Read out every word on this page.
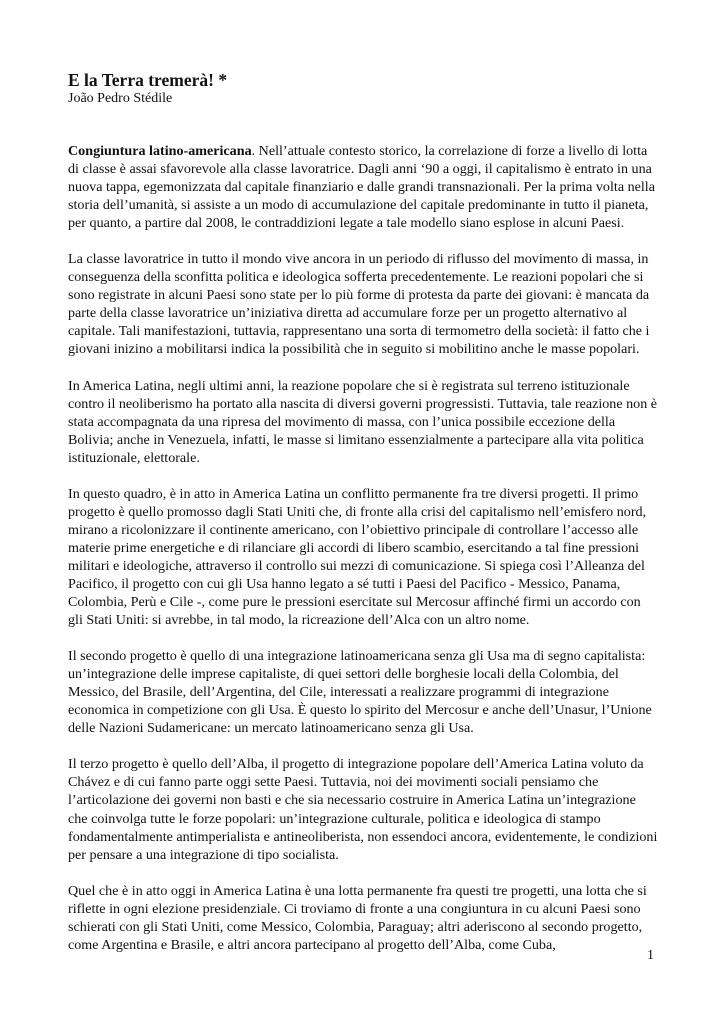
E la Terra tremerà! *
João Pedro Stédile

Congiuntura latino-americana. Nell’attuale contesto storico, la correlazione di forze a livello di lotta di classe è assai sfavorevole alla classe lavoratrice. Dagli anni ‘90 a oggi, il capitalismo è entrato in una nuova tappa, egemonizzata dal capitale finanziario e dalle grandi transnazionali. Per la prima volta nella storia dell’umanità, si assiste a un modo di accumulazione del capitale predominante in tutto il pianeta, per quanto, a partire dal 2008, le contraddizioni legate a tale modello siano esplose in alcuni Paesi.

La classe lavoratrice in tutto il mondo vive ancora in un periodo di riflusso del movimento di massa, in conseguenza della sconfitta politica e ideologica sofferta precedentemente. Le reazioni popolari che si sono registrate in alcuni Paesi sono state per lo più forme di protesta da parte dei giovani: è mancata da parte della classe lavoratrice un’iniziativa diretta ad accumulare forze per un progetto alternativo al capitale. Tali manifestazioni, tuttavia, rappresentano una sorta di termometro della società: il fatto che i giovani inizino a mobilitarsi indica la possibilità che in seguito si mobilitino anche le masse popolari.

In America Latina, negli ultimi anni, la reazione popolare che si è registrata sul terreno istituzionale contro il neoliberismo ha portato alla nascita di diversi governi progressisti. Tuttavia, tale reazione non è stata accompagnata da una ripresa del movimento di massa, con l’unica possibile eccezione della Bolivia; anche in Venezuela, infatti, le masse si limitano essenzialmente a partecipare alla vita politica istituzionale, elettorale.

In questo quadro, è in atto in America Latina un conflitto permanente fra tre diversi progetti. Il primo progetto è quello promosso dagli Stati Uniti che, di fronte alla crisi del capitalismo nell’emisfero nord, mirano a ricolonizzare il continente americano, con l’obiettivo principale di controllare l’accesso alle materie prime energetiche e di rilanciare gli accordi di libero scambio, esercitando a tal fine pressioni militari e ideologiche, attraverso il controllo sui mezzi di comunicazione. Si spiega così l’Alleanza del Pacifico, il progetto con cui gli Usa hanno legato a sé tutti i Paesi del Pacifico - Messico, Panama, Colombia, Perù e Cile -, come pure le pressioni esercitate sul Mercosur affinché firmi un accordo con gli Stati Uniti: si avrebbe, in tal modo, la ricreazione dell’Alca con un altro nome.

Il secondo progetto è quello di una integrazione latinoamericana senza gli Usa ma di segno capitalista: un’integrazione delle imprese capitaliste, di quei settori delle borghesie locali della Colombia, del Messico, del Brasile, dell’Argentina, del Cile, interessati a realizzare programmi di integrazione economica in competizione con gli Usa. È questo lo spirito del Mercosur e anche dell’Unasur, l’Unione delle Nazioni Sudamericane: un mercato latinoamericano senza gli Usa.

Il terzo progetto è quello dell’Alba, il progetto di integrazione popolare dell’America Latina voluto da Chávez e di cui fanno parte oggi sette Paesi. Tuttavia, noi dei movimenti sociali pensiamo che l’articolazione dei governi non basti e che sia necessario costruire in America Latina un’integrazione che coinvolga tutte le forze popolari: un’integrazione culturale, politica e ideologica di stampo fondamentalmente antimperialista e antineoliberista, non essendoci ancora, evidentemente, le condizioni per pensare a una integrazione di tipo socialista.

Quel che è in atto oggi in America Latina è una lotta permanente fra questi tre progetti, una lotta che si riflette in ogni elezione presidenziale. Ci troviamo di fronte a una congiuntura in cu alcuni Paesi sono schierati con gli Stati Uniti, come Messico, Colombia, Paraguay; altri aderiscono al secondo progetto, come Argentina e Brasile, e altri ancora partecipano al progetto dell’Alba, come Cuba,

1
